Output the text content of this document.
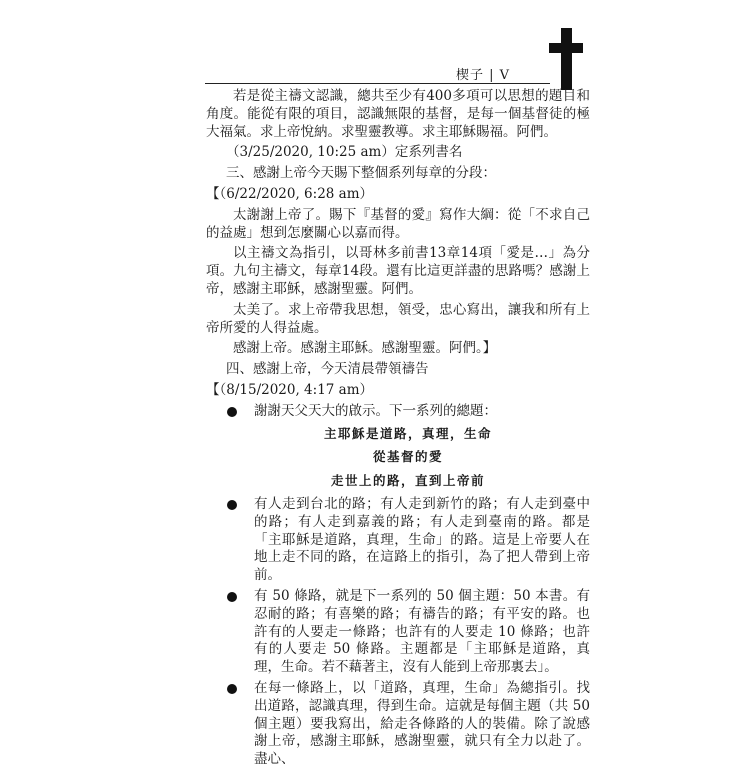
楔子 | V

若是從主禱文認識，總共至少有400多項可以思想的題目和角度。能從有限的項目，認識無限的基督，是每一個基督徒的極大福氣。求上帝悅納。求聖靈教導。求主耶穌賜福。阿們。

（3/25/2020, 10:25 am）定系列書名
三、感謝上帝今天賜下整個系列每章的分段：
【（6/22/2020, 6:28 am）

太謝謝上帝了。賜下『基督的愛』寫作大綱：從「不求自己的益處」想到怎麼關心以嘉而得。

以主禱文為指引，以哥林多前書13章14項「愛是…」為分項。九句主禱文，每章14段。還有比這更詳盡的思路嗎？感謝上帝，感謝主耶穌，感謝聖靈。阿們。

太美了。求上帝帶我思想，領受，忠心寫出，讓我和所有上帝所愛的人得益處。

感謝上帝。感謝主耶穌。感謝聖靈。阿們。】

四、感謝上帝，今天清晨帶領禱告
【（8/15/2020, 4:17 am）
謝謝天父天大的啟示。下一系列的總題：
主耶穌是道路，真理，生命
從基督的愛
走世上的路，直到上帝前
有人走到台北的路；有人走到新竹的路；有人走到臺中的路；有人走到嘉義的路；有人走到臺南的路。都是「主耶穌是道路，真理，生命」的路。這是上帝要人在地上走不同的路，在這路上的指引，為了把人帶到上帝前。
有 50 條路，就是下一系列的 50 個主題：50 本書。有忍耐的路；有喜樂的路；有禱告的路；有平安的路。也許有的人要走一條路；也許有的人要走 10 條路；也許有的人要走 50 條路。主題都是「主耶穌是道路，真理，生命。若不藉著主，沒有人能到上帝那裏去」。
在每一條路上，以「道路，真理，生命」為總指引。找出道路，認識真理，得到生命。這就是每個主題（共 50 個主題）要我寫出，給走各條路的人的裝備。除了說感謝上帝，感謝主耶穌，感謝聖靈，就只有全力以赴了。盡心、
